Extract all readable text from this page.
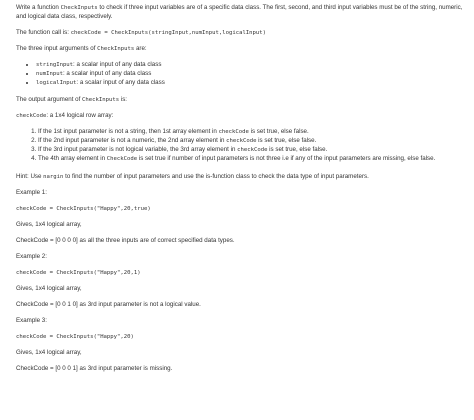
Write a function CheckInputs to check if three input variables are of a specific data class. The first, second, and third input variables must be of the string, numeric, and logical data class, respectively.

The function call is: checkCode = CheckInputs(stringInput,numInput,logicalInput)

The three input arguments of CheckInputs are:

• stringInput: a scalar input of any data class
• numInput: a scalar input of any data class
• logicalInput: a scalar input of any data class

The output argument of CheckInputs is:

checkCode: a 1x4 logical row array:

1. If the 1st input parameter is not a string, then 1st array element in checkCode is set true, else false.
2. If the 2nd input parameter is not a numeric, the 2nd array element in checkCode is set true, else false.
3. If the 3rd input parameter is not logical variable, the 3rd array element in checkCode is set true, else false.
4. The 4th array element in CheckCode is set true if number of input parameters is not three i.e if any of the input parameters are missing, else false.

Hint: Use nargin to find the number of input parameters and use the is-function class to check the data type of input parameters.

Example 1:

checkCode = CheckInputs("Happy",20,true)

Gives, 1x4 logical array,

CheckCode = [0 0 0 0] as all the three inputs are of correct specified data types.

Example 2:

checkCode = CheckInputs("Happy",20,1)

Gives, 1x4 logical array,

CheckCode = [0 0 1 0] as 3rd input parameter is not a logical value.

Example 3:

checkCode = CheckInputs("Happy",20)

Gives, 1x4 logical array,

CheckCode = [0 0 0 1] as 3rd input parameter is missing.
